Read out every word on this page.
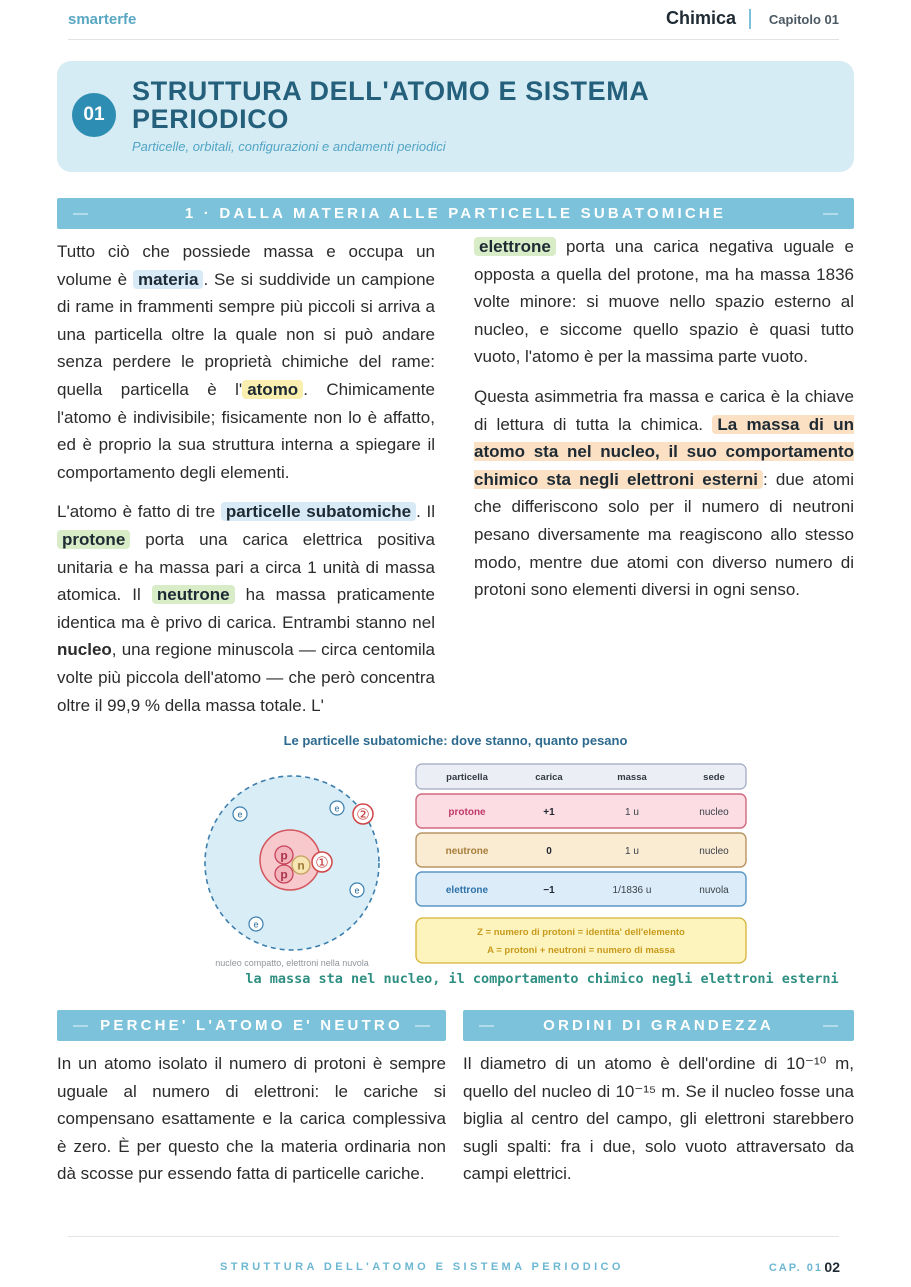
smarterfe	Chimica	Capitolo 01
01
STRUTTURA DELL'ATOMO E SISTEMA PERIODICO
Particelle, orbitali, configurazioni e andamenti periodici
—	1 · DALLA MATERIA ALLE PARTICELLE SUBATOMICHE	—

Tutto ciò che possiede massa e occupa un volume è materia . Se si suddivide un campione di rame in frammenti sempre più piccoli si arriva a una particella oltre la quale non si può andare senza perdere le proprietà chimiche del rame: quella particella è l' atomo . Chimicamente l'atomo è indivisibile; fisicamente non lo è affatto, ed è proprio la sua struttura interna a spiegare il comportamento degli elementi.

L'atomo è fatto di tre particelle subatomiche . Il protone porta una carica elettrica positiva unitaria e ha massa pari a circa 1 unità di massa atomica. Il neutrone ha massa praticamente identica ma è privo di carica. Entrambi stanno nel nucleo, una regione minuscola — circa centomila volte più piccola dell'atomo — che però concentra oltre il 99,9 % della massa totale. L'

elettrone porta una carica negativa uguale e opposta a quella del protone, ma ha massa 1836 volte minore: si muove nello spazio esterno al nucleo, e siccome quello spazio è quasi tutto vuoto, l'atomo è per la massima parte vuoto.

Questa asimmetria fra massa e carica è la chiave di lettura di tutta la chimica. La massa di un atomo sta nel nucleo, il suo comportamento chimico sta negli elettroni esterni : due atomi che differiscono solo per il numero di neutroni pesano diversamente ma reagiscono allo stesso modo, mentre due atomi con diverso numero di protoni sono elementi diversi in ogni senso.

Le particelle subatomiche: dove stanno, quanto pesano
p
p
n ①
②
e
e
e
e
nucleo compatto, elettroni nella nuvola
particella	carica	massa	sede
protone	+1	1 u	nucleo
neutrone	0	1 u	nucleo
elettrone	−1	1/1836 u	nuvola
Z = numero di protoni = identita' dell'elemento
A = protoni + neutroni = numero di massa
la massa sta nel nucleo, il comportamento chimico negli elettroni esterni
— PERCHE' L'ATOMO E' NEUTRO —

In un atomo isolato il numero di protoni è sempre uguale al numero di elettroni: le cariche si compensano esattamente e la carica complessiva è zero. È per questo che la materia ordinaria non dà scosse pur essendo fatta di particelle cariche.

—	ORDINI DI GRANDEZZA	—

Il diametro di un atomo è dell'ordine di 10⁻¹⁰ m, quello del nucleo di 10⁻¹⁵ m. Se il nucleo fosse una biglia al centro del campo, gli elettroni starebbero sugli spalti: fra i due, solo vuoto attraversato da campi elettrici.

STRUTTURA DELL'ATOMO E SISTEMA PERIODICO	CAP. 01 02
